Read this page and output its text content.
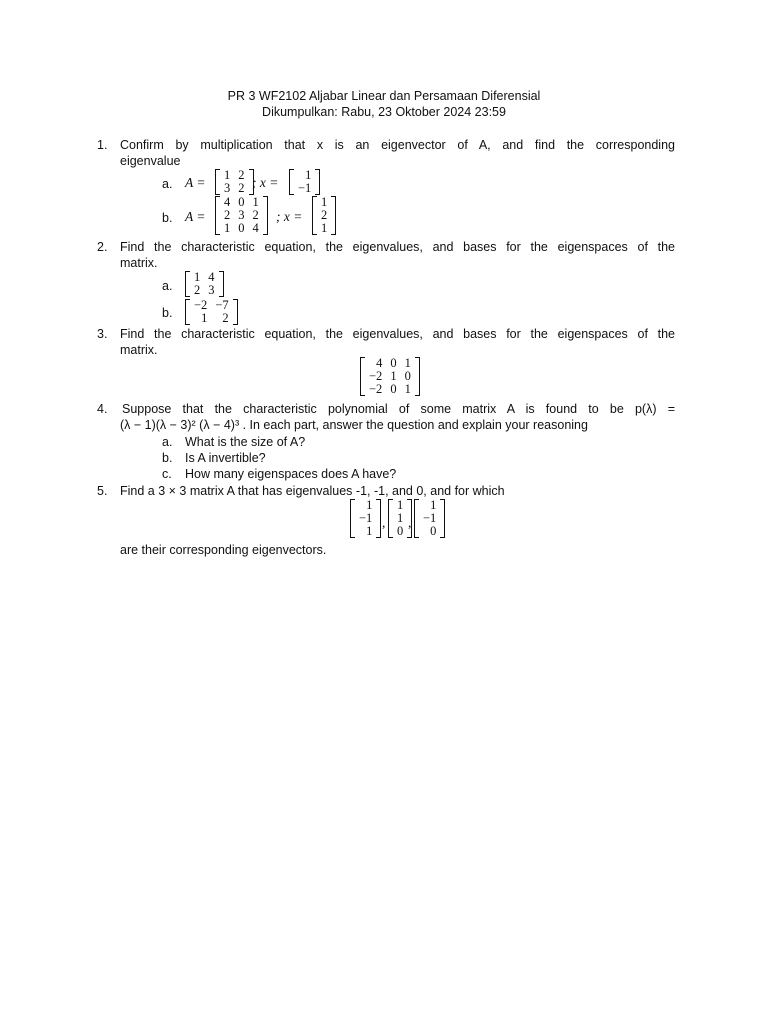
PR 3 WF2102 Aljabar Linear dan Persamaan Diferensial
Dikumpulkan: Rabu, 23 Oktober 2024 23:59
1. Confirm by multiplication that x is an eigenvector of A, and find the corresponding
eigenvalue
a. A = 1	2
3	2 ; x = 1
−1
b. A =
4	0	1
2	3	2
1	0	4
; x =
1
2
1
2. Find the characteristic equation, the eigenvalues, and bases for the eigenspaces of the
matrix.
a.
1	4
2	3
b.
−2	−7
1	2
3. Find the characteristic equation, the eigenvalues, and bases for the eigenspaces of the
matrix.
4	0	1
−2	1	0
−2	0	1
4. Suppose that the characteristic polynomial of some matrix A is found to be p(λ) =
(λ − 1)(λ − 3)² (λ − 4)³ . In each part, answer the question and explain your reasoning
a. What is the size of A?
b. Is A invertible?
c. How many eigenspaces does A have?
5. Find a 3 × 3 matrix A that has eigenvalues -1, -1, and 0, and for which
1
−1
1
,
1
1
0
,
1
−1
0
are their corresponding eigenvectors.
